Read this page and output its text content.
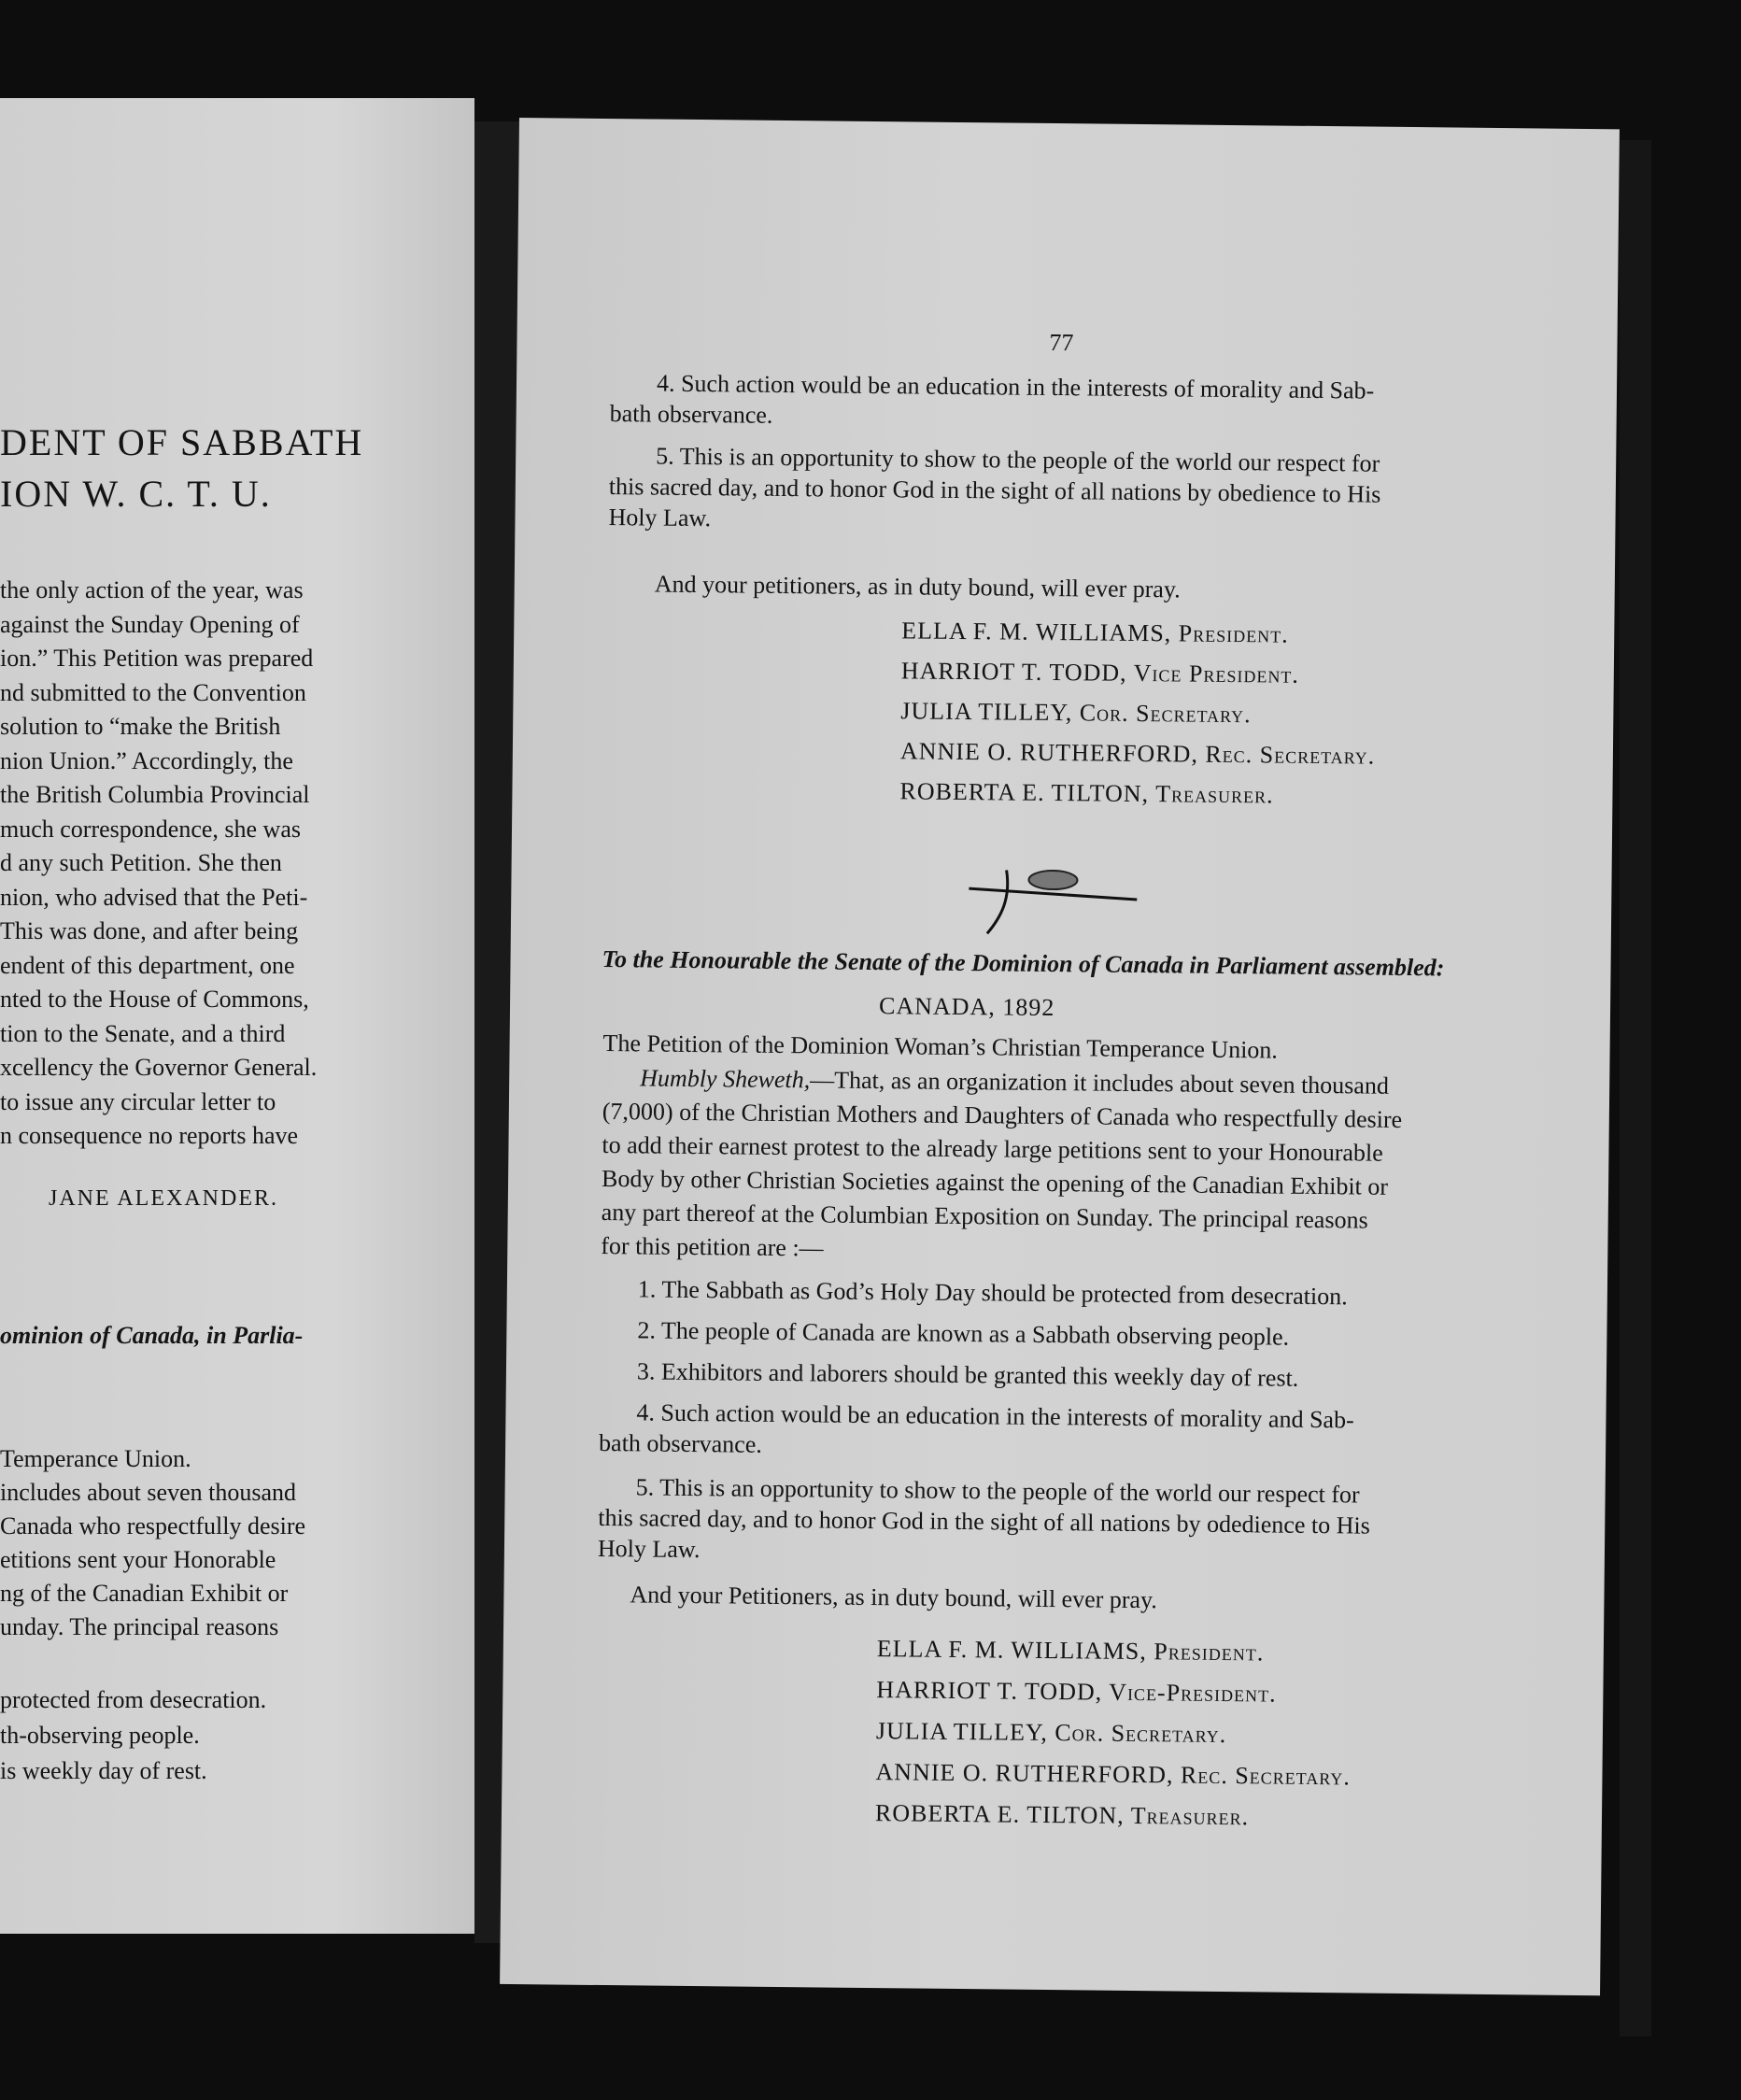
DENT OF SABBATH
ION W. C. T. U.
the only action of the year, was
against the Sunday Opening of
ion.” This Petition was prepared
nd submitted to the Convention
solution to “make the British
nion Union.” Accordingly, the
the British Columbia Provincial
much correspondence, she was
d any such Petition. She then
nion, who advised that the Peti-
This was done, and after being
endent of this department, one
nted to the House of Commons,
tion to the Senate, and a third
xcellency the Governor General.
to issue any circular letter to
n consequence no reports have
JANE ALEXANDER.
ominion of Canada, in Parlia-
Temperance Union.
includes about seven thousand
Canada who respectfully desire
etitions sent your Honorable
ng of the Canadian Exhibit or
unday. The principal reasons
protected from desecration.
th-observing people.
is weekly day of rest.
77
4. Such action would be an education in the interests of morality and Sab-
bath observance.
5. This is an opportunity to show to the people of the world our respect for
this sacred day, and to honor God in the sight of all nations by obedience to His
Holy Law.
And your petitioners, as in duty bound, will ever pray.
ELLA F. M. WILLIAMS, President.
HARRIOT T. TODD, Vice President.
JULIA TILLEY, Cor. Secretary.
ANNIE O. RUTHERFORD, Rec. Secretary.
ROBERTA E. TILTON, Treasurer.
To the Honourable the Senate of the Dominion of Canada in Parliament assembled:
CANADA, 1892
The Petition of the Dominion Woman’s Christian Temperance Union.
Humbly Sheweth,—That, as an organization it includes about seven thousand
(7,000) of the Christian Mothers and Daughters of Canada who respectfully desire
to add their earnest protest to the already large petitions sent to your Honourable
Body by other Christian Societies against the opening of the Canadian Exhibit or
any part thereof at the Columbian Exposition on Sunday. The principal reasons
for this petition are :—
1. The Sabbath as God’s Holy Day should be protected from desecration.
2. The people of Canada are known as a Sabbath observing people.
3. Exhibitors and laborers should be granted this weekly day of rest.
4. Such action would be an education in the interests of morality and Sab-
bath observance.
5. This is an opportunity to show to the people of the world our respect for
this sacred day, and to honor God in the sight of all nations by odedience to His
Holy Law.
And your Petitioners, as in duty bound, will ever pray.
ELLA F. M. WILLIAMS, President.
HARRIOT T. TODD, Vice-President.
JULIA TILLEY, Cor. Secretary.
ANNIE O. RUTHERFORD, Rec. Secretary.
ROBERTA E. TILTON, Treasurer.
